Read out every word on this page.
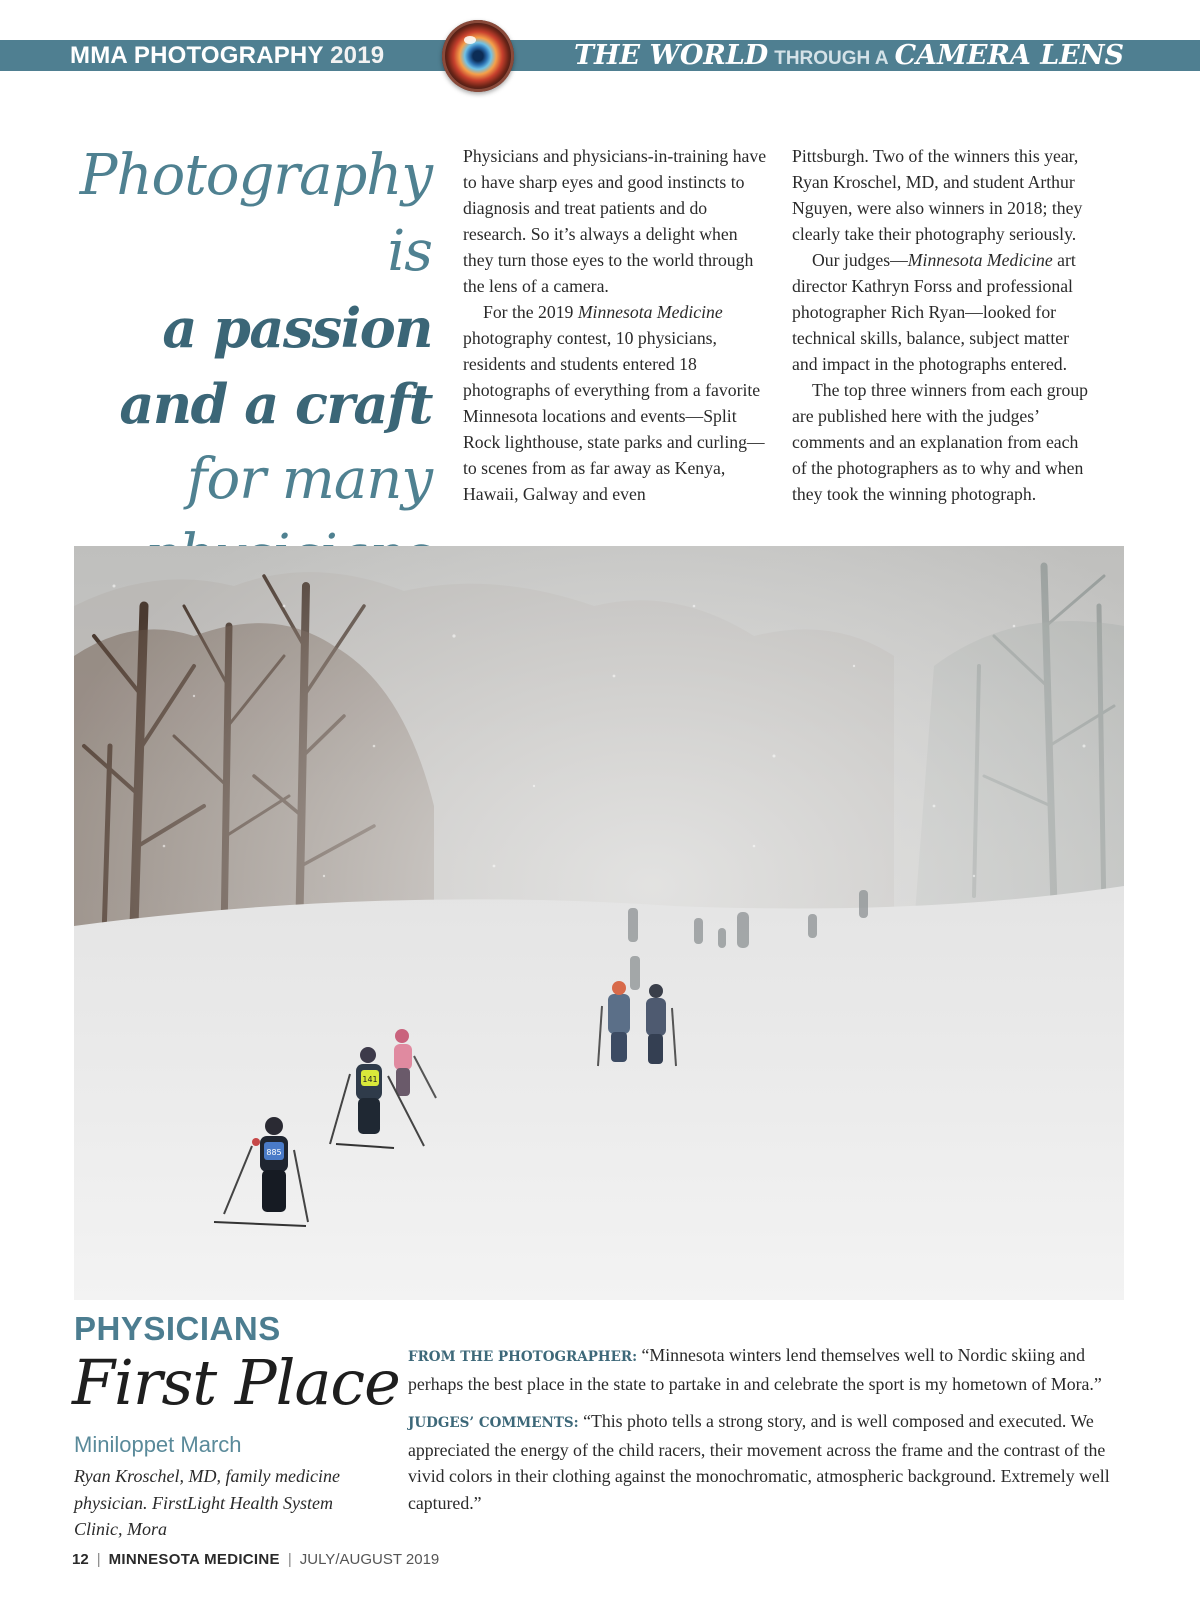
MMA PHOTOGRAPHY 2019	THE WORLD THROUGH A CAMERA LENS
Photography is
a passion
and a craft
for many

Physicians and physicians-in-training have to have sharp eyes and good instincts to diagnosis and treat patients and do research. So it’s always a delight when they turn those eyes to the world through the lens of a camera.

For the 2019 Minnesota Medicine photography contest, 10 physicians, residents and students entered 18 photographs of everything from a favorite Minnesota locations and events—Split Rock lighthouse, state parks and curling—to scenes from as far away as Kenya, Hawaii, Galway and even

Pittsburgh. Two of the winners this year, Ryan Kroschel, MD, and student Arthur Nguyen, were also winners in 2018; they clearly take their photography seriously.

Our judges—Minnesota Medicine art director Kathryn Forss and professional photographer Rich Ryan—looked for technical skills, balance, subject matter and impact in the photographs entered.

The top three winners from each group are published here with the judges’ comments and an explanation from each of the photographers as to why and when they took the winning photograph.

141
885
PHYSICIANS
First Place
Miniloppet March
Ryan Kroschel, MD, family medicine physician. FirstLight Health System Clinic, Mora

FROM THE PHOTOGRAPHER: “Minnesota winters lend themselves well to Nordic skiing and perhaps the best place in the state to partake in and celebrate the sport is my hometown of Mora.”

JUDGES’ COMMENTS: “This photo tells a strong story, and is well composed and executed. We appreciated the energy of the child racers, their movement across the frame and the contrast of the vivid colors in their clothing against the monochromatic, atmospheric background. Extremely well captured.”

12 | MINNESOTA MEDICINE | JULY/AUGUST 2019
